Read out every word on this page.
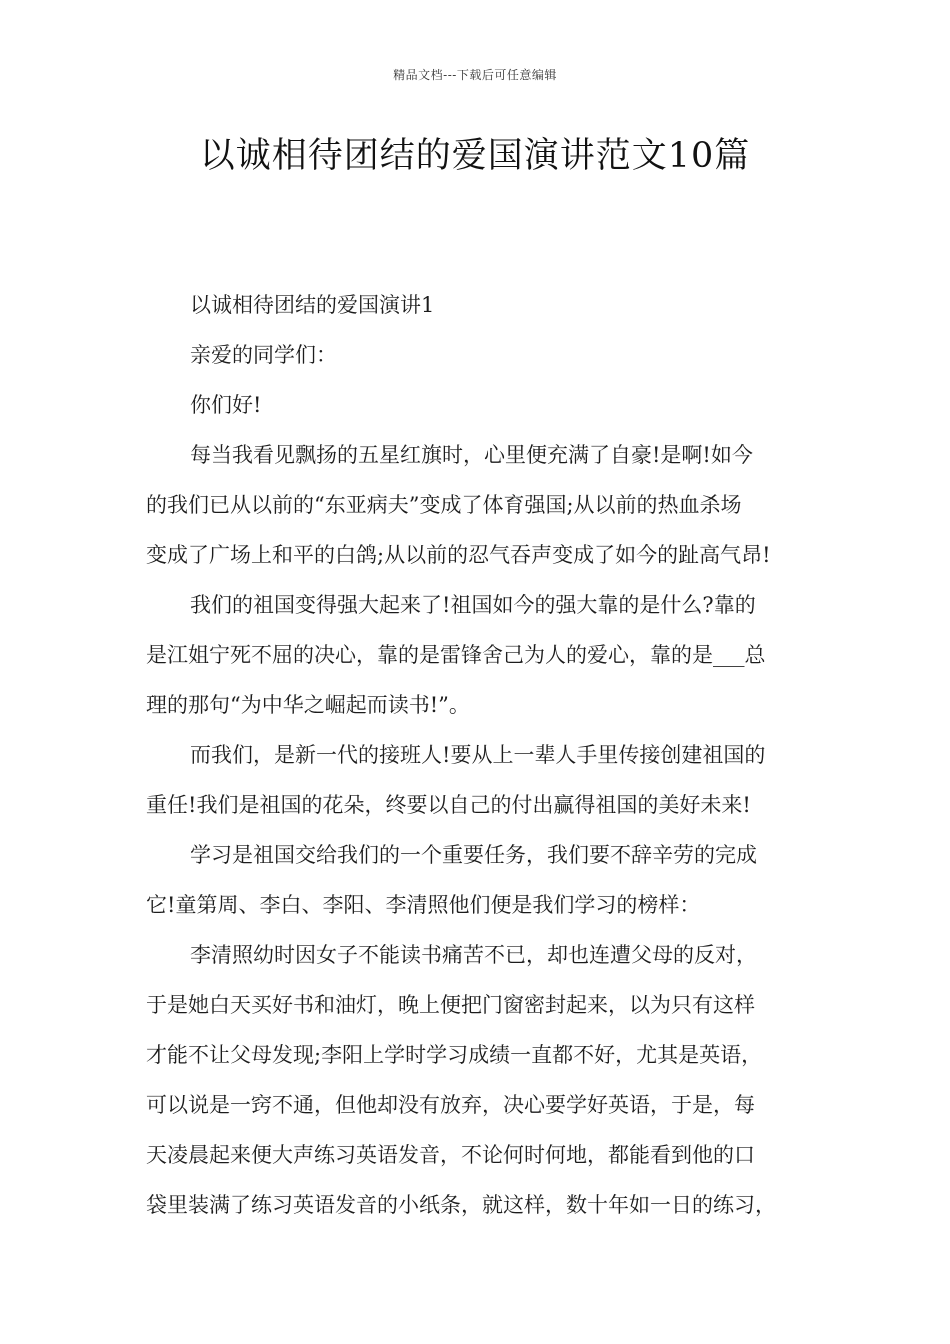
精品文档---下载后可任意编辑
以诚相待团结的爱国演讲范文10篇
以诚相待团结的爱国演讲1
亲爱的同学们：
你们好!
每当我看见飘扬的五星红旗时，心里便充满了自豪!是啊!如今
的我们已从以前的“东亚病夫”变成了体育强国;从以前的热血杀场
变成了广场上和平的白鸽;从以前的忍气吞声变成了如今的趾高气昂!
我们的祖国变得强大起来了!祖国如今的强大靠的是什么?靠的
是江姐宁死不屈的决心，靠的是雷锋舍己为人的爱心，靠的是___总
理的那句“为中华之崛起而读书!”。
而我们，是新一代的接班人!要从上一辈人手里传接创建祖国的
重任!我们是祖国的花朵，终要以自己的付出赢得祖国的美好未来!
学习是祖国交给我们的一个重要任务，我们要不辞辛劳的完成
它!童第周、李白、李阳、李清照他们便是我们学习的榜样：
李清照幼时因女子不能读书痛苦不已，却也连遭父母的反对，
于是她白天买好书和油灯，晚上便把门窗密封起来，以为只有这样
才能不让父母发现;李阳上学时学习成绩一直都不好，尤其是英语，
可以说是一窍不通，但他却没有放弃，决心要学好英语，于是，每
天凌晨起来便大声练习英语发音，不论何时何地，都能看到他的口
袋里装满了练习英语发音的小纸条，就这样，数十年如一日的练习，
